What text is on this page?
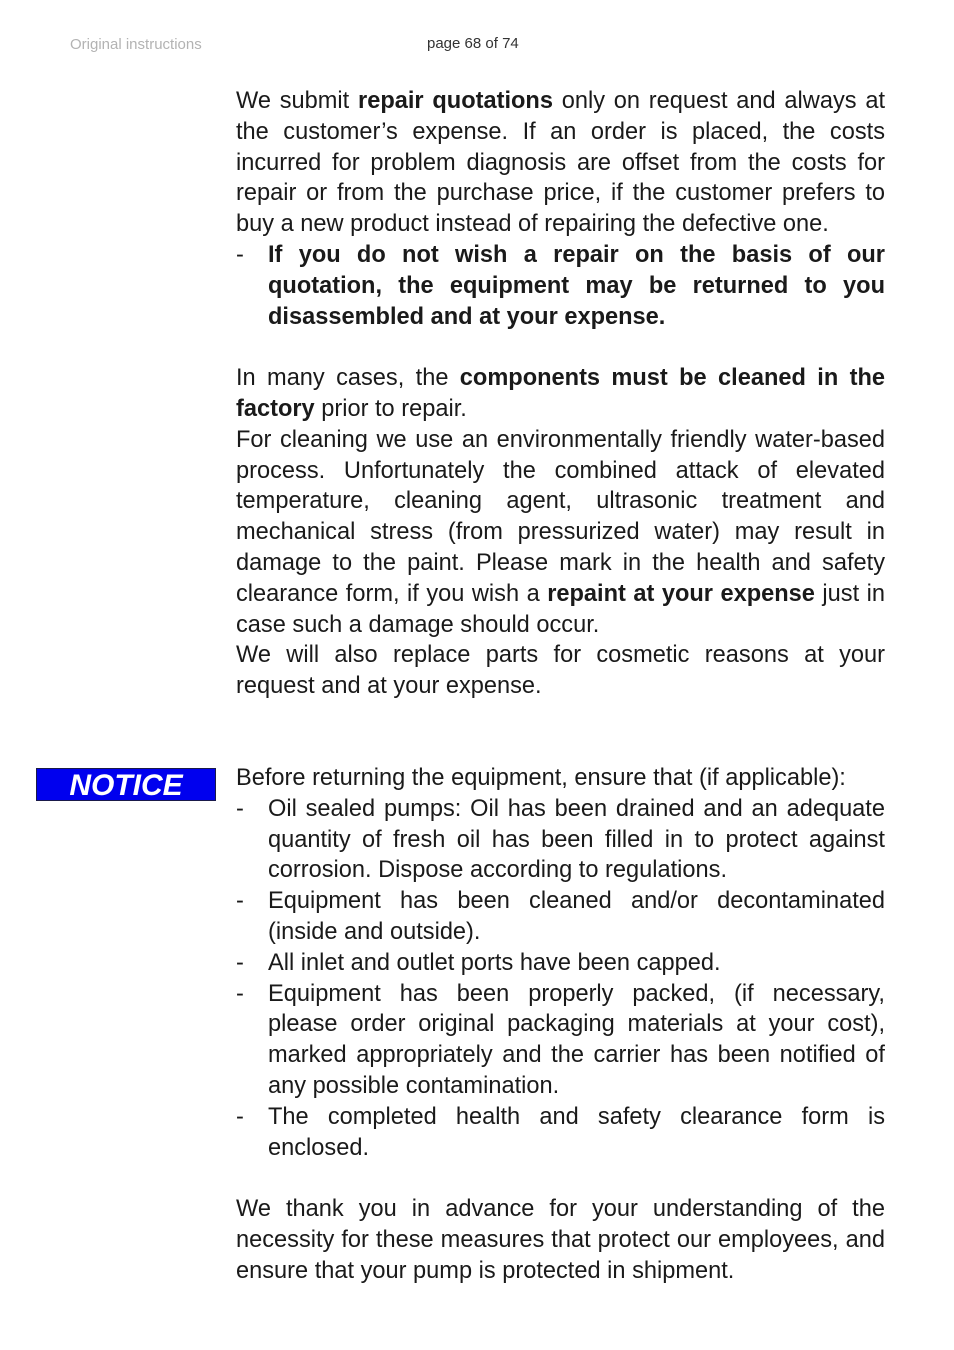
Original instructions	page 68 of 74

We submit repair quotations only on request and always at the customer’s expense. If an order is placed, the costs incurred for problem diagnosis are offset from the costs for repair or from the purchase price, if the customer prefers to buy a new product instead of repairing the defective one.

- If you do not wish a repair on the basis of our quotation, the equipment may be returned to you disassembled and at your expense.

In many cases, the components must be cleaned in the factory prior to repair.

For cleaning we use an environmentally friendly water-based process. Unfortunately the combined attack of elevated temperature, cleaning agent, ultrasonic treatment and mechanical stress (from pressurized water) may result in damage to the paint. Please mark in the health and safety clearance form, if you wish a repaint at your expense just in case such a damage should occur.

We will also replace parts for cosmetic reasons at your request and at your expense.

NOTICE	Before returning the equipment, ensure that (if applicable):

- Oil sealed pumps: Oil has been drained and an adequate quantity of fresh oil has been filled in to protect against corrosion. Dispose according to regulations.
- Equipment has been cleaned and/or decontaminated (inside and outside).
- All inlet and outlet ports have been capped.
- Equipment has been properly packed, (if necessary, please order original packaging materials at your cost), marked appropriately and the carrier has been notified of any possible contamination.
- The completed health and safety clearance form is enclosed.

We thank you in advance for your understanding of the necessity for these measures that protect our employees, and ensure that your pump is protected in shipment.
